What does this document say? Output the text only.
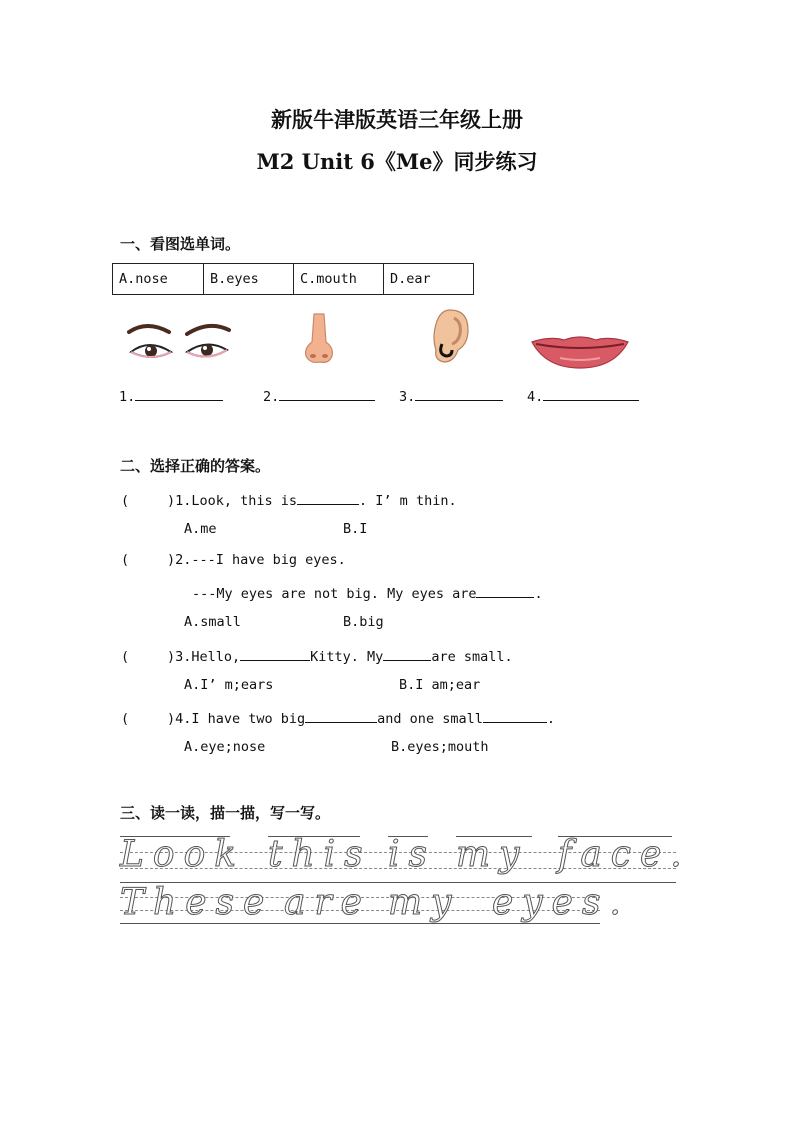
新版牛津版英语三年级上册
M2 Unit 6《Me》同步练习
一、看图选单词。
A.nose	B.eyes	C.mouth	D.ear
1.	2.	3.	4.
二、选择正确的答案。
(	)1.Look, this is	. I’ m thin.
A.me	B.I
(	)2.---I have big eyes.
---My eyes are not big. My eyes are	.
A.small	B.big
(	)3.Hello,	Kitty. My	are small.
A.I’ m;ears	B.I am;ear
(	)4.I have two big	and one small	.
A.eye;nose	B.eyes;mouth
三、读一读，描一描，写一写。
Look this is my face.
These are my eyes.
